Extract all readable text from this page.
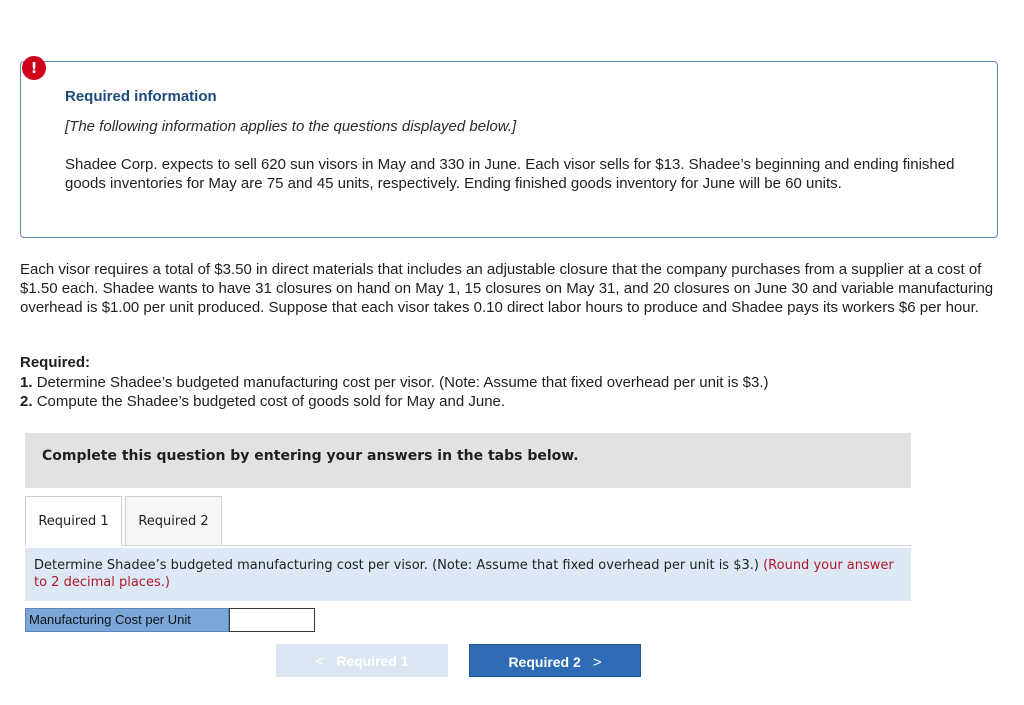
Required information
[The following information applies to the questions displayed below.]
Shadee Corp. expects to sell 620 sun visors in May and 330 in June. Each visor sells for $13. Shadee’s beginning and ending finished goods inventories for May are 75 and 45 units, respectively. Ending finished goods inventory for June will be 60 units.
!
Each visor requires a total of $3.50 in direct materials that includes an adjustable closure that the company purchases from a supplier at a cost of $1.50 each. Shadee wants to have 31 closures on hand on May 1, 15 closures on May 31, and 20 closures on June 30 and variable manufacturing overhead is $1.00 per unit produced. Suppose that each visor takes 0.10 direct labor hours to produce and Shadee pays its workers $6 per hour.
Required:
1. Determine Shadee’s budgeted manufacturing cost per visor. (Note: Assume that fixed overhead per unit is $3.)
2. Compute the Shadee’s budgeted cost of goods sold for May and June.
Complete this question by entering your answers in the tabs below.
Required 1	Required 2
Determine Shadee’s budgeted manufacturing cost per visor. (Note: Assume that fixed overhead per unit is $3.) (Round your answer to 2 decimal places.)
Manufacturing Cost per Unit
< Required 1	Required 2 >
